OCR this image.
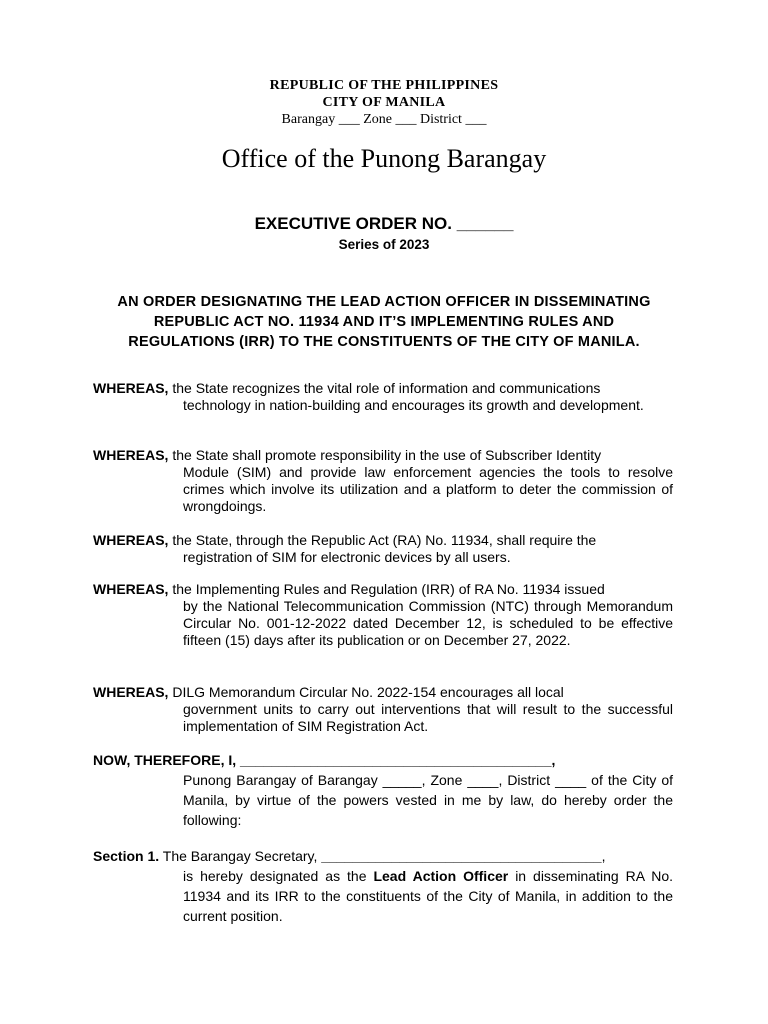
REPUBLIC OF THE PHILIPPINES
CITY OF MANILA
Barangay ___ Zone ___ District ___
Office of the Punong Barangay
EXECUTIVE ORDER NO. ______
Series of 2023
AN ORDER DESIGNATING THE LEAD ACTION OFFICER IN DISSEMINATING
REPUBLIC ACT NO. 11934 AND IT’S IMPLEMENTING RULES AND
REGULATIONS (IRR) TO THE CONSTITUENTS OF THE CITY OF MANILA.
WHEREAS, the State recognizes the vital role of information and communications
technology in nation-building and encourages its growth and development.
WHEREAS, the State shall promote responsibility in the use of Subscriber Identity
Module (SIM) and provide law enforcement agencies the tools to resolve crimes which involve its utilization and a platform to deter the commission of wrongdoings.
WHEREAS, the State, through the Republic Act (RA) No. 11934, shall require the
registration of SIM for electronic devices by all users.
WHEREAS, the Implementing Rules and Regulation (IRR) of RA No. 11934 issued
by the National Telecommunication Commission (NTC) through Memorandum Circular No. 001-12-2022 dated December 12, is scheduled to be effective fifteen (15) days after its publication or on December 27, 2022.
WHEREAS, DILG Memorandum Circular No. 2022-154 encourages all local
government units to carry out interventions that will result to the successful implementation of SIM Registration Act.
NOW, THEREFORE, I, ________________________________________,
Punong Barangay of Barangay _____, Zone ____, District ____ of the City of Manila, by virtue of the powers vested in me by law, do hereby order the following:
Section 1. The Barangay Secretary, ____________________________________,
is hereby designated as the Lead Action Officer in disseminating RA No. 11934 and its IRR to the constituents of the City of Manila, in addition to the current position.
